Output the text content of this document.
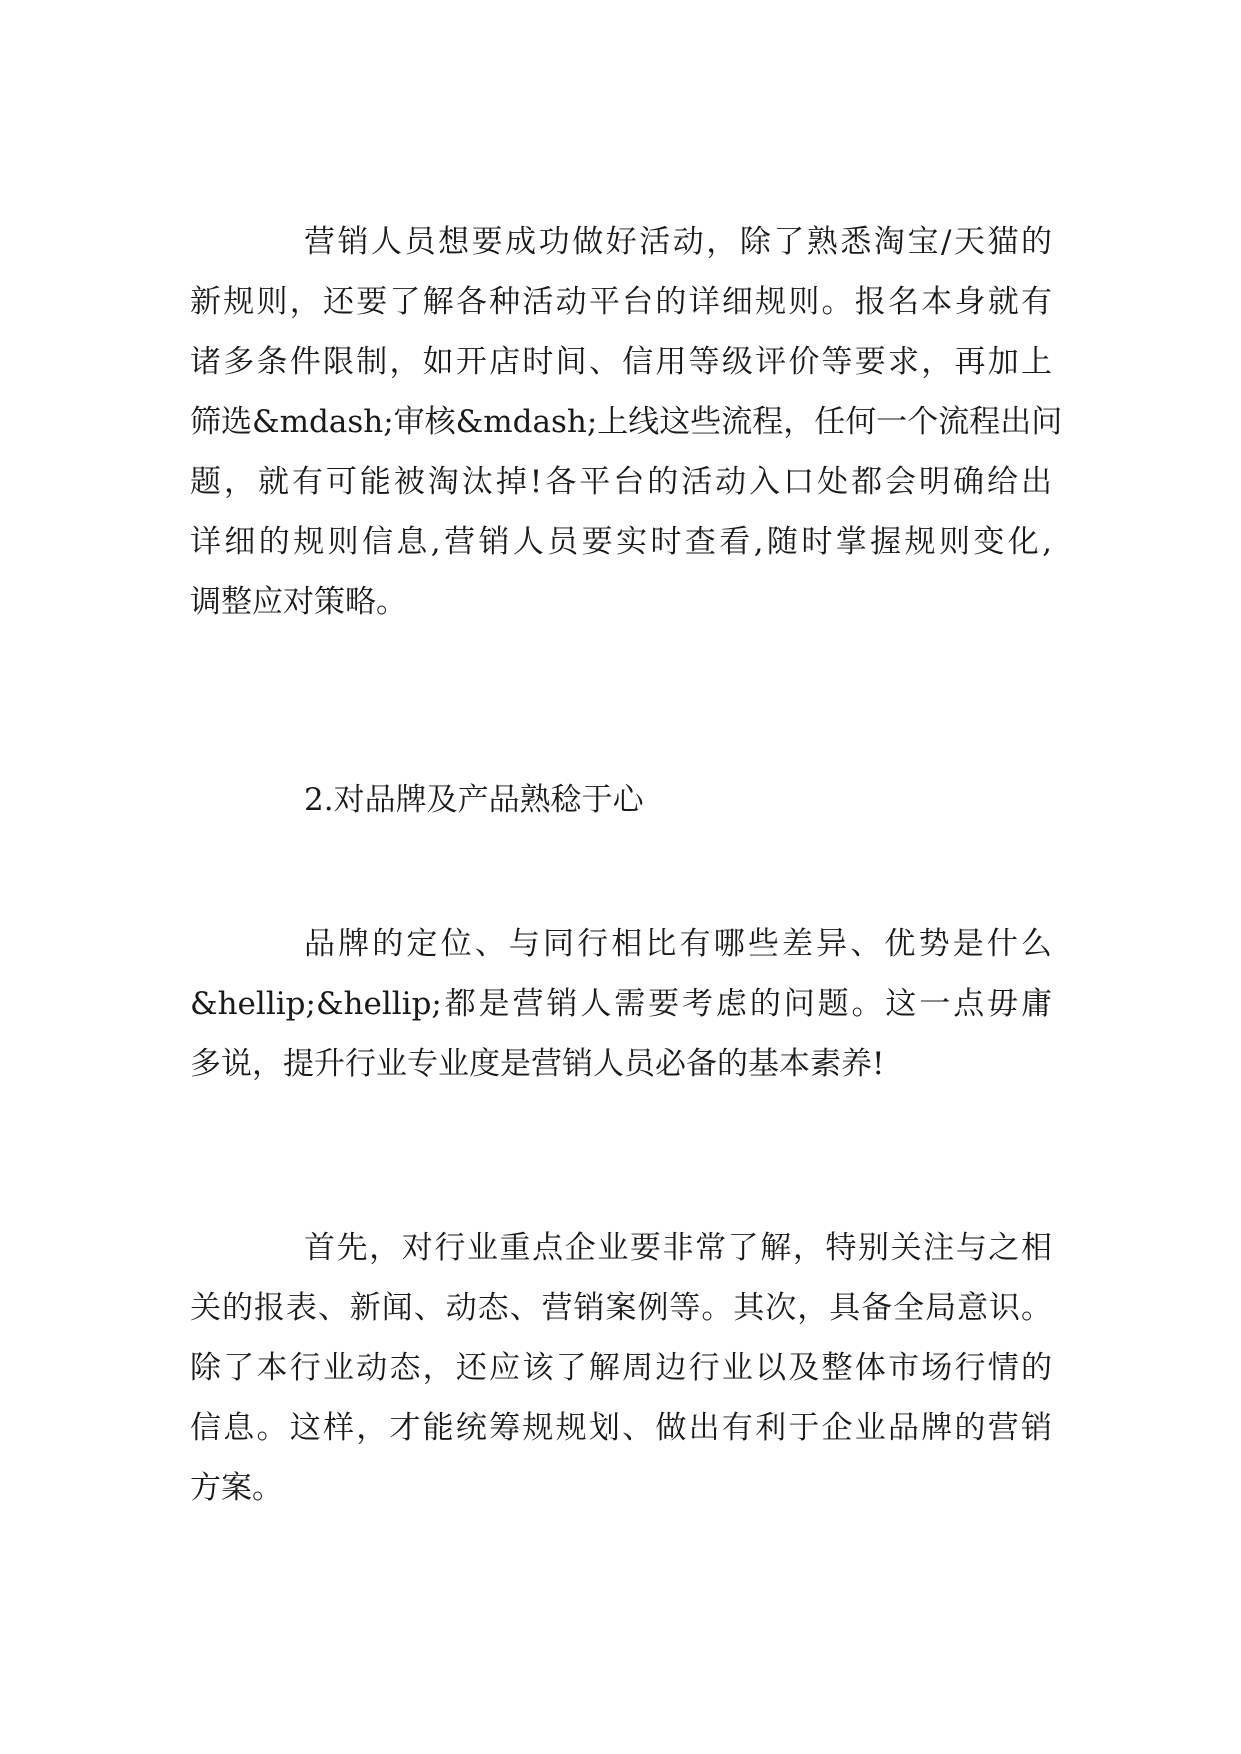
营销人员想要成功做好活动，除了熟悉淘宝/天猫的
新规则，还要了解各种活动平台的详细规则。报名本身就有
诸多条件限制，如开店时间、信用等级评价等要求，再加上
筛选&mdash;审核&mdash;上线这些流程，任何一个流程出问
题，就有可能被淘汰掉!各平台的活动入口处都会明确给出
详细的规则信息,营销人员要实时查看,随时掌握规则变化,
调整应对策略。
2.对品牌及产品熟稔于心
品牌的定位、与同行相比有哪些差异、优势是什么
&hellip;&hellip;都是营销人需要考虑的问题。这一点毋庸
多说，提升行业专业度是营销人员必备的基本素养!
首先，对行业重点企业要非常了解，特别关注与之相
关的报表、新闻、动态、营销案例等。其次，具备全局意识。
除了本行业动态，还应该了解周边行业以及整体市场行情的
信息。这样，才能统筹规规划、做出有利于企业品牌的营销
方案。
